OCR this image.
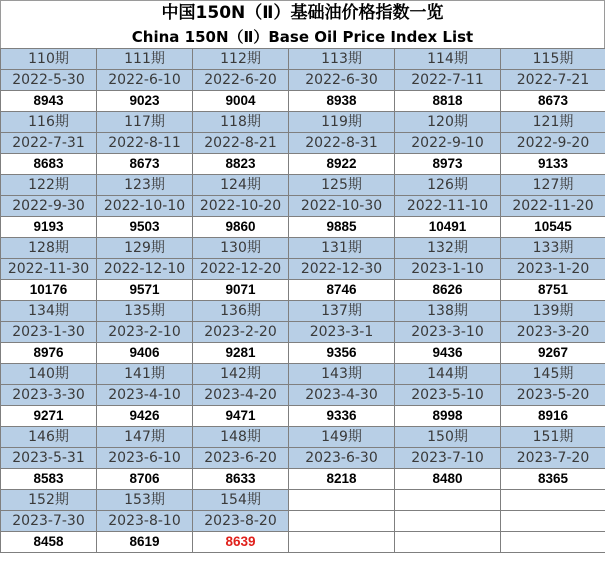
中国150N（Ⅱ）基础油价格指数一览
China 150N（Ⅱ）Base Oil Price Index List
110期	111期	112期	113期	114期	115期
2022-5-30	2022-6-10	2022-6-20	2022-6-30	2022-7-11	2022-7-21
8943	9023	9004	8938	8818	8673
116期	117期	118期	119期	120期	121期
2022-7-31	2022-8-11	2022-8-21	2022-8-31	2022-9-10	2022-9-20
8683	8673	8823	8922	8973	9133
122期	123期	124期	125期	126期	127期
2022-9-30	2022-10-10	2022-10-20	2022-10-30	2022-11-10	2022-11-20
9193	9503	9860	9885	10491	10545
128期	129期	130期	131期	132期	133期
2022-11-30	2022-12-10	2022-12-20	2022-12-30	2023-1-10	2023-1-20
10176	9571	9071	8746	8626	8751
134期	135期	136期	137期	138期	139期
2023-1-30	2023-2-10	2023-2-20	2023-3-1	2023-3-10	2023-3-20
8976	9406	9281	9356	9436	9267
140期	141期	142期	143期	144期	145期
2023-3-30	2023-4-10	2023-4-20	2023-4-30	2023-5-10	2023-5-20
9271	9426	9471	9336	8998	8916
146期	147期	148期	149期	150期	151期
2023-5-31	2023-6-10	2023-6-20	2023-6-30	2023-7-10	2023-7-20
8583	8706	8633	8218	8480	8365
152期	153期	154期			
2023-7-30	2023-8-10	2023-8-20			
8458	8619	8639			
